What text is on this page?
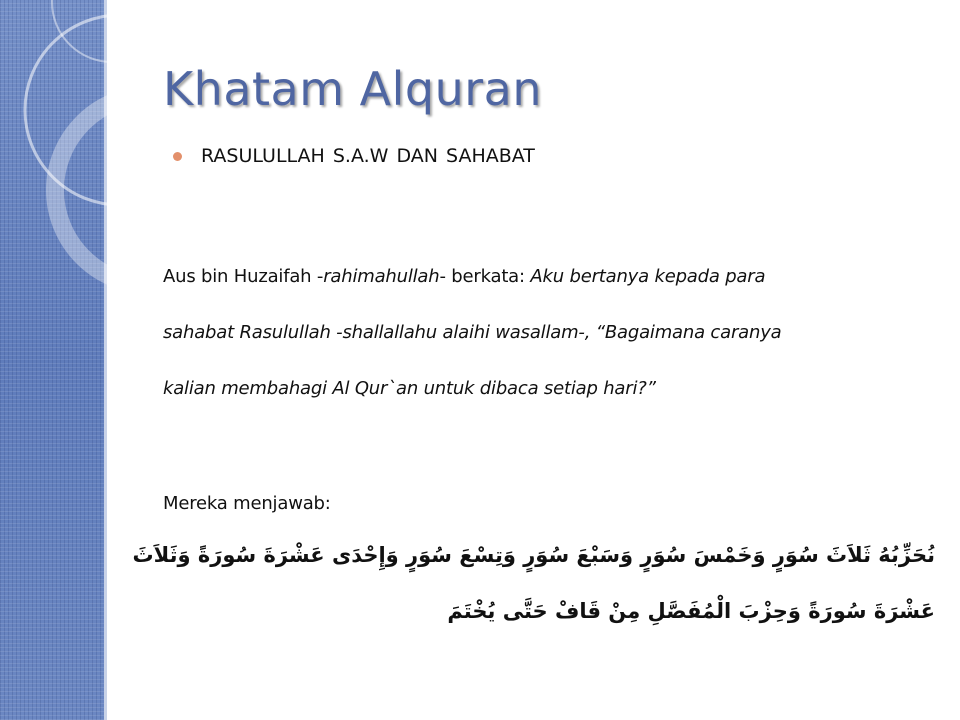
Khatam Alquran
RASULULLAH S.A.W DAN SAHABAT
Aus bin Huzaifah -rahimahullah- berkata: Aku bertanya kepada para
sahabat Rasulullah -shallallahu alaihi wasallam-, “Bagaimana caranya
kalian membahagi Al Qur`an untuk dibaca setiap hari?”
Mereka menjawab:
نُحَزِّبُهُ ثَلاَثَ سُوَرٍ وَخَمْسَ سُوَرٍ وَسَبْعَ سُوَرٍ وَتِسْعَ سُوَرٍ وَإِحْدَى عَشْرَةَ سُورَةً وَثَلاَثَ
عَشْرَةَ سُورَةً وَحِزْبَ الْمُفَصَّلِ مِنْ قَافْ حَتَّى يُخْتَمَ
